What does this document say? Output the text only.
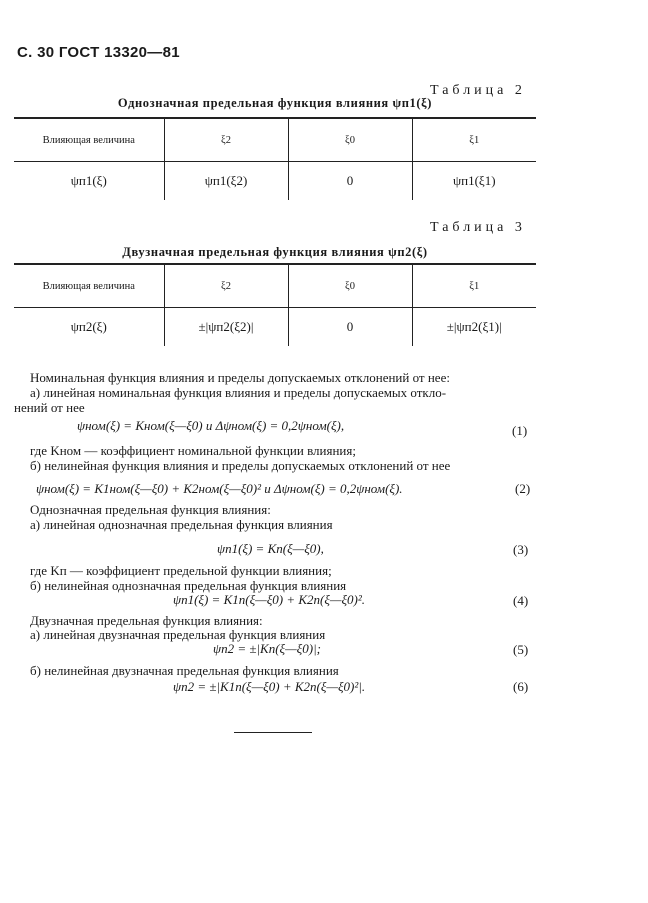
С. 30 ГОСТ 13320—81
Таблица 2
Однозначная предельная функция влияния ψп1(ξ)
Влияющая величина	ξ2	ξ0	ξ1
ψп1(ξ)	ψп1(ξ2)	0	ψп1(ξ1)
Таблица 3
Двузначная предельная функция влияния ψп2(ξ)
Влияющая величина	ξ2	ξ0	ξ1
ψп2(ξ)	±|ψп2(ξ2)|	0	±|ψп2(ξ1)|
Номинальная функция влияния и пределы допускаемых отклонений от нее:
а) линейная номинальная функция влияния и пределы допускаемых откло-
нений от нее
ψном(ξ) = Kном(ξ—ξ0) и Δψном(ξ) = 0,2ψном(ξ),	(1)
где Kном — коэффициент номинальной функции влияния;
б) нелинейная функция влияния и пределы допускаемых отклонений от нее
ψном(ξ) = K1ном(ξ—ξ0) + K2ном(ξ—ξ0)² и Δψном(ξ) = 0,2ψном(ξ).	(2)
Однозначная предельная функция влияния:
а) линейная однозначная предельная функция влияния
ψп1(ξ) = Kп(ξ—ξ0),	(3)
где Kп — коэффициент предельной функции влияния;
б) нелинейная однозначная предельная функция влияния
ψп1(ξ) = K1п(ξ—ξ0) + K2п(ξ—ξ0)².	(4)
Двузначная предельная функция влияния:
а) линейная двузначная предельная функция влияния
ψп2 = ±|Kп(ξ—ξ0)|;	(5)
б) нелинейная двузначная предельная функция влияния
ψп2 = ±|K1п(ξ—ξ0) + K2п(ξ—ξ0)²|.	(6)
